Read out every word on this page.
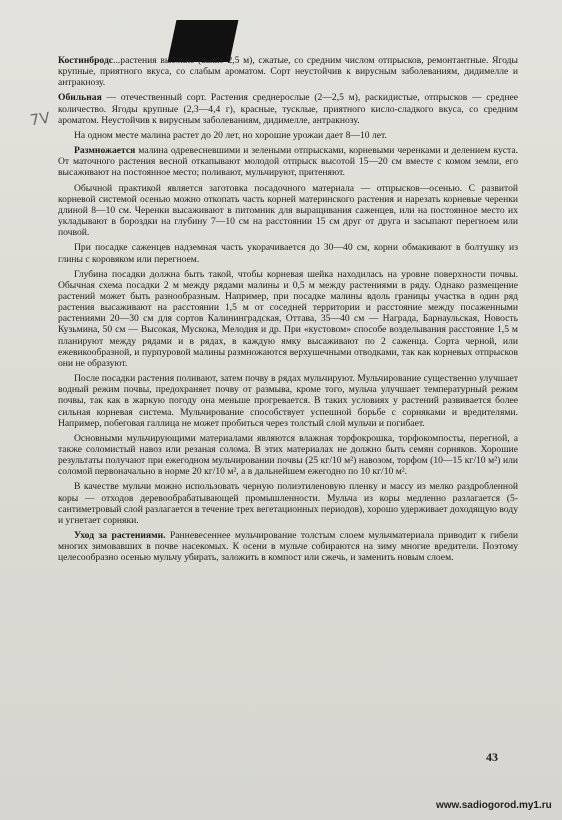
7V

Костинбродс...растения высокие (выше 2,5 м), сжатые, со средним числом отпрысков, ремонтантные. Ягоды крупные, приятного вкуса, со слабым ароматом. Сорт неустойчив к вирусным заболеваниям, дидимелле и антракнозу.

Обильная — отечественный сорт. Растения среднерослые (2—2,5 м), раскидистые, отпрысков — среднее количество. Ягоды крупные (2,3—4,4 г), красные, тусклые, приятного кисло-сладкого вкуса, со средним ароматом. Неустойчив к вирусным заболеваниям, дидимелле, антракнозу.

На одном месте малина растет до 20 лет, но хорошие урожаи дает 8—10 лет.

Размножается малина одревесневшими и зелеными отпрысками, корневыми черенками и делением куста. От маточного растения весной откапывают молодой отпрыск высотой 15—20 см вместе с комом земли, его высаживают на постоянное место; поливают, мульчируют, притеняют.

Обычной практикой является заготовка посадочного материала — отпрысков—осенью. С развитой корневой системой осенью можно откопать часть корней материнского растения и нарезать корневые черенки длиной 8—10 см. Черенки высаживают в питомник для выращивания саженцев, или на постоянное место их укладывают в бороздки на глубину 7—10 см на расстоянии 15 см друг от друга и засыпают перегноем или почвой.

При посадке саженцев надземная часть укорачивается до 30—40 см, корни обмакивают в болтушку из глины с коровяком или перегноем.

Глубина посадки должна быть такой, чтобы корневая шейка находилась на уровне поверхности почвы. Обычная схема посадки 2 м между рядами малины и 0,5 м между растениями в ряду. Однако размещение растений может быть разнообразным. Например, при посадке малины вдоль границы участка в один ряд растения высаживают на расстоянии 1,5 м от соседней территории и расстояние между посаженными растениями 20—30 см для сортов Калининградская, Оттава, 35—40 см — Награда, Барнаульская, Новость Кузьмина, 50 см — Высокая, Мускока, Мелодия и др. При «кустовом» способе возделывания расстояние 1,5 м планируют между рядами и в рядах, в каждую ямку высаживают по 2 саженца. Сорта черной, или ежевикообразной, и пурпуровой малины размножаются верхушечными отводками, так как корневых отпрысков они не образуют.

После посадки растения поливают, затем почву в рядах мульчируют. Мульчирование существенно улучшает водный режим почвы, предохраняет почву от размыва, кроме того, мульча улучшает температурный режим почвы, так как в жаркую погоду она меньше прогревается. В таких условиях у растений развивается более сильная корневая система. Мульчирование способствует успешной борьбе с сорняками и вредителями. Например, побеговая галлица не может пробиться через толстый слой мульчи и погибает.

Основными мульчирующими материалами являются влажная торфокрошка, торфокомпосты, перегной, а также соломистый навоз или резаная солома. В этих материалах не должно быть семян сорняков. Хорошие результаты получают при ежегодном мульчировании почвы (25 кг/10 м²) навозом, торфом (10—15 кг/10 м²) или соломой первоначально в норме 20 кг/10 м², а в дальнейшем ежегодно по 10 кг/10 м².

В качестве мульчи можно использовать черную полиэтиленовую пленку и массу из мелко раздробленной коры — отходов деревообрабатывающей промышленности. Мульча из коры медленно разлагается (5-сантиметровый слой разлагается в течение трех вегетационных периодов), хорошо удерживает доходящую воду и угнетает сорняки.

Уход за растениями. Ранневесеннее мульчирование толстым слоем мульчматериала приводит к гибели многих зимовавших в почве насекомых. К осени в мульче собираются на зиму многие вредители. Поэтому целесообразно осенью мульчу убирать, заложить в компост или сжечь, и заменить новым слоем.

43
www.sadiogorod.my1.ru
